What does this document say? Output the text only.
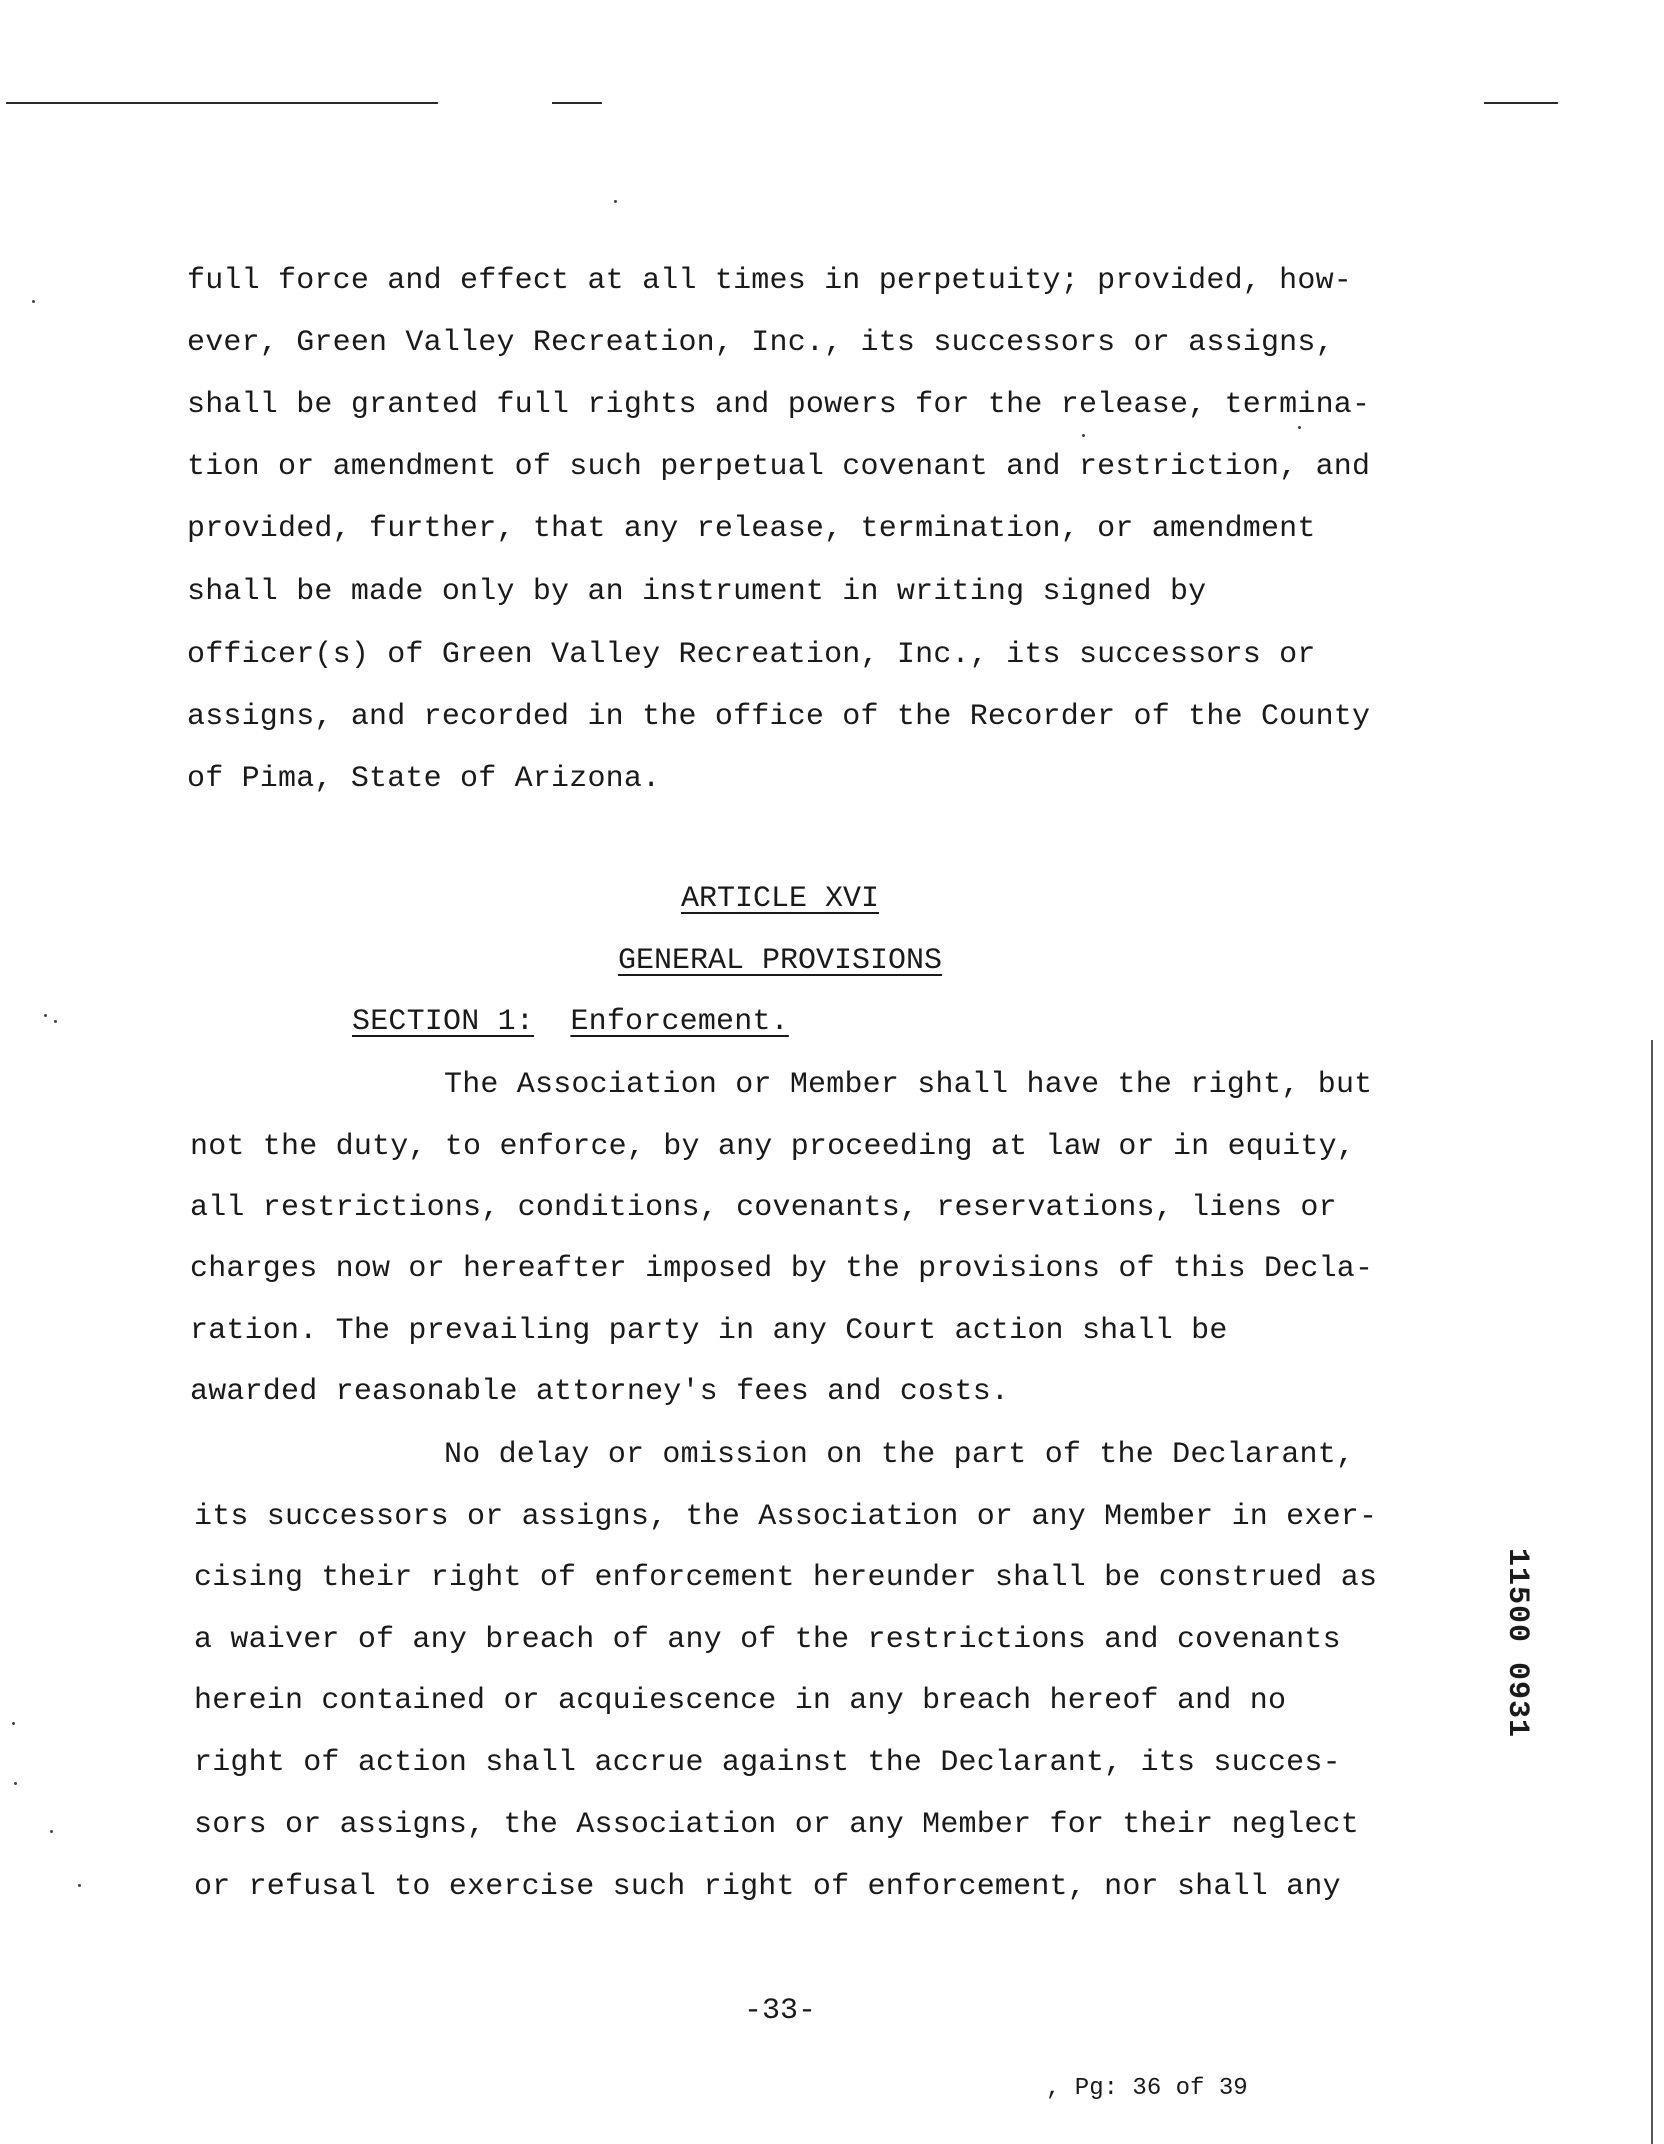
full force and effect at all times in perpetuity; provided, how-
ever, Green Valley Recreation, Inc., its successors or assigns,
shall be granted full rights and powers for the release, termina-
tion or amendment of such perpetual covenant and restriction, and
provided, further, that any release, termination, or amendment
shall be made only by an instrument in writing signed by
officer(s) of Green Valley Recreation, Inc., its successors or
assigns, and recorded in the office of the Recorder of the County
of Pima, State of Arizona.
ARTICLE XVI
GENERAL PROVISIONS
SECTION 1: Enforcement.
The Association or Member shall have the right, but
not the duty, to enforce, by any proceeding at law or in equity,
all restrictions, conditions, covenants, reservations, liens or
charges now or hereafter imposed by the provisions of this Decla-
ration. The prevailing party in any Court action shall be
awarded reasonable attorney's fees and costs.
No delay or omission on the part of the Declarant,
its successors or assigns, the Association or any Member in exer-
cising their right of enforcement hereunder shall be construed as
a waiver of any breach of any of the restrictions and covenants
herein contained or acquiescence in any breach hereof and no
right of action shall accrue against the Declarant, its succes-
sors or assigns, the Association or any Member for their neglect
or refusal to exercise such right of enforcement, nor shall any
11500 0931
-33-
, Pg: 36 of 39
